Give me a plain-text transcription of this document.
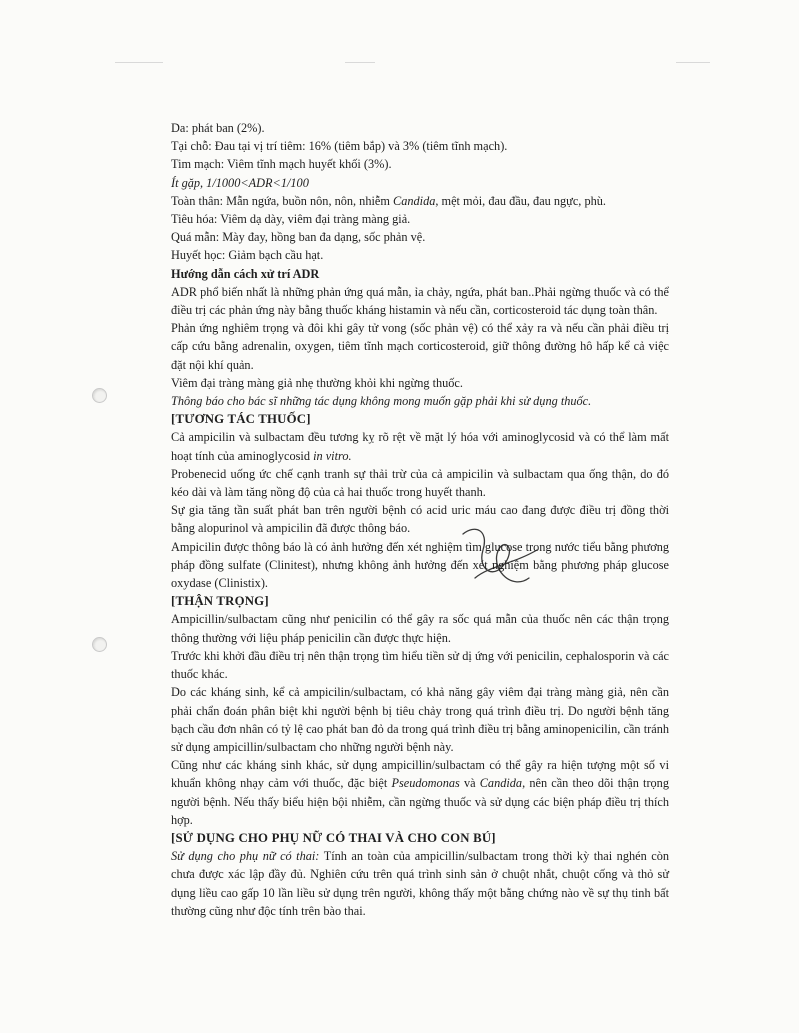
Da: phát ban (2%).

Tại chỗ: Đau tại vị trí tiêm: 16% (tiêm bắp) và 3% (tiêm tĩnh mạch).

Tim mạch: Viêm tĩnh mạch huyết khối (3%).

Ít gặp, 1/1000<ADR<1/100

Toàn thân: Mẫn ngứa, buồn nôn, nôn, nhiễm Candida, mệt mỏi, đau đầu, đau ngực, phù.

Tiêu hóa: Viêm dạ dày, viêm đại tràng màng giả.

Quá mẫn: Mày đay, hồng ban đa dạng, sốc phản vệ.

Huyết học: Giảm bạch cầu hạt.

Hướng dẫn cách xử trí ADR

ADR phổ biến nhất là những phản ứng quá mẫn, ỉa chảy, ngứa, phát ban..Phải ngừng thuốc và có thể điều trị các phản ứng này bằng thuốc kháng histamin và nếu cần, corticosteroid tác dụng toàn thân.

Phản ứng nghiêm trọng và đôi khi gây tử vong (sốc phản vệ) có thể xảy ra và nếu cần phải điều trị cấp cứu bằng adrenalin, oxygen, tiêm tĩnh mạch corticosteroid, giữ thông đường hô hấp kể cả việc đặt nội khí quản.

Viêm đại tràng màng giả nhẹ thường khỏi khi ngừng thuốc.

Thông báo cho bác sĩ những tác dụng không mong muốn gặp phải khi sử dụng thuốc.

[TƯƠNG TÁC THUỐC]

Cả ampicilin và sulbactam đều tương kỵ rõ rệt về mặt lý hóa với aminoglycosid và có thể làm mất hoạt tính của aminoglycosid in vitro.

Probenecid uống ức chế cạnh tranh sự thải trừ của cả ampicilin và sulbactam qua ống thận, do đó kéo dài và làm tăng nồng độ của cả hai thuốc trong huyết thanh.

Sự gia tăng tần suất phát ban trên người bệnh có acid uric máu cao đang được điều trị đồng thời bằng alopurinol và ampicilin đã được thông báo.

Ampicilin được thông báo là có ảnh hưởng đến xét nghiệm tìm glucose trong nước tiểu bằng phương pháp đồng sulfate (Clinitest), nhưng không ảnh hưởng đến xét nghiệm bằng phương pháp glucose oxydase (Clinistix).

[THẬN TRỌNG]

Ampicillin/sulbactam cũng như penicilin có thể gây ra sốc quá mẫn của thuốc nên các thận trọng thông thường với liệu pháp penicilin cần được thực hiện.

Trước khi khởi đầu điều trị nên thận trọng tìm hiểu tiền sử dị ứng với penicilin, cephalosporin và các thuốc khác.

Do các kháng sinh, kể cả ampicilin/sulbactam, có khả năng gây viêm đại tràng màng giả, nên cần phải chẩn đoán phân biệt khi người bệnh bị tiêu chảy trong quá trình điều trị. Do người bệnh tăng bạch cầu đơn nhân có tỷ lệ cao phát ban đỏ da trong quá trình điều trị bằng aminopenicilin, cần tránh sử dụng ampicillin/sulbactam cho những người bệnh này.

Cũng như các kháng sinh khác, sử dụng ampicillin/sulbactam có thể gây ra hiện tượng một số vi khuẩn không nhạy cảm với thuốc, đặc biệt Pseudomonas và Candida, nên cần theo dõi thận trọng người bệnh. Nếu thấy biểu hiện bội nhiễm, cần ngừng thuốc và sử dụng các biện pháp điều trị thích hợp.

[SỬ DỤNG CHO PHỤ NỮ CÓ THAI VÀ CHO CON BÚ]

Sử dụng cho phụ nữ có thai: Tính an toàn của ampicillin/sulbactam trong thời kỳ thai nghén còn chưa được xác lập đầy đủ. Nghiên cứu trên quá trình sinh sản ở chuột nhắt, chuột cống và thỏ sử dụng liều cao gấp 10 lần liều sử dụng trên người, không thấy một bằng chứng nào về sự thụ tinh bất thường cũng như độc tính trên bào thai.
